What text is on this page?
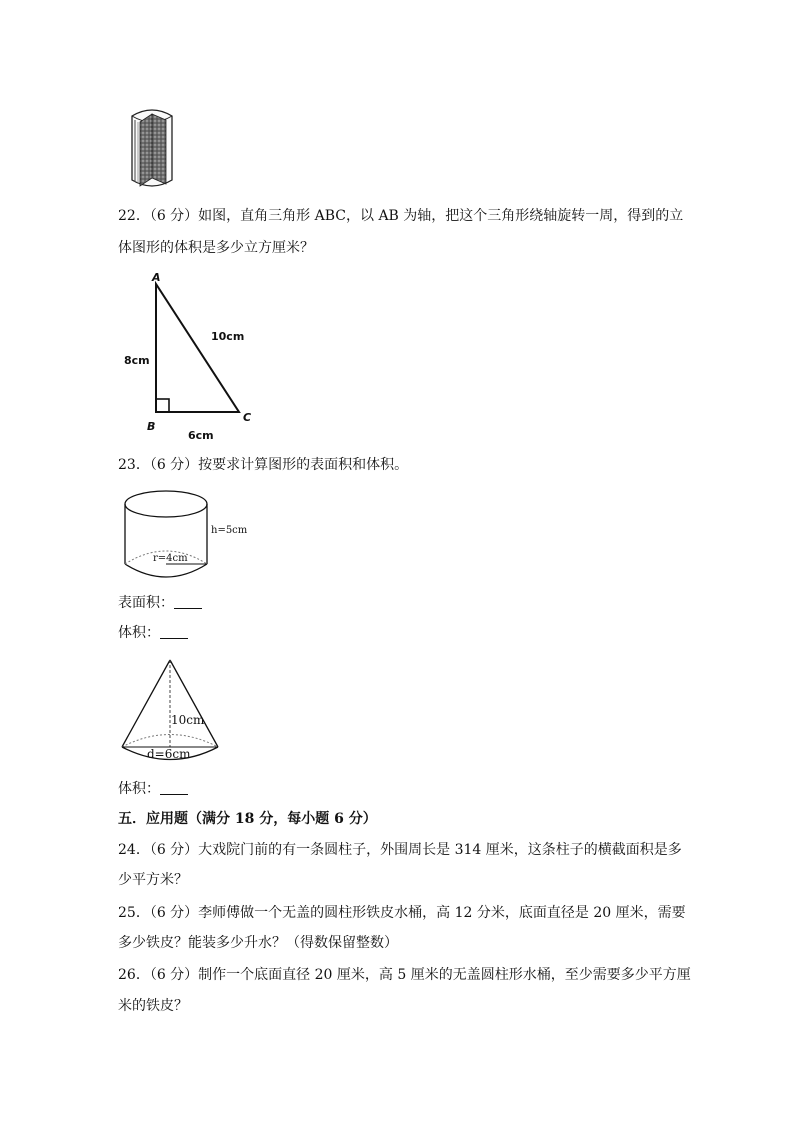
22．（6 分）如图，直角三角形 ABC，以 AB 为轴，把这个三角形绕轴旋转一周，得到的立
体图形的体积是多少立方厘米？
A
B
C
8cm
10cm
6cm
23．（6 分）按要求计算图形的表面积和体积。
h=5cm
r=4cm
表面积：
体积：
10cm
d=6cm
体积：
五．应用题（满分 18 分，每小题 6 分）
24．（6 分）大戏院门前的有一条圆柱子，外围周长是 314 厘米，这条柱子的横截面积是多
少平方米？
25．（6 分）李师傅做一个无盖的圆柱形铁皮水桶，高 12 分米，底面直径是 20 厘米，需要
多少铁皮？能装多少升水？（得数保留整数）
26．（6 分）制作一个底面直径 20 厘米，高 5 厘米的无盖圆柱形水桶，至少需要多少平方厘
米的铁皮？
